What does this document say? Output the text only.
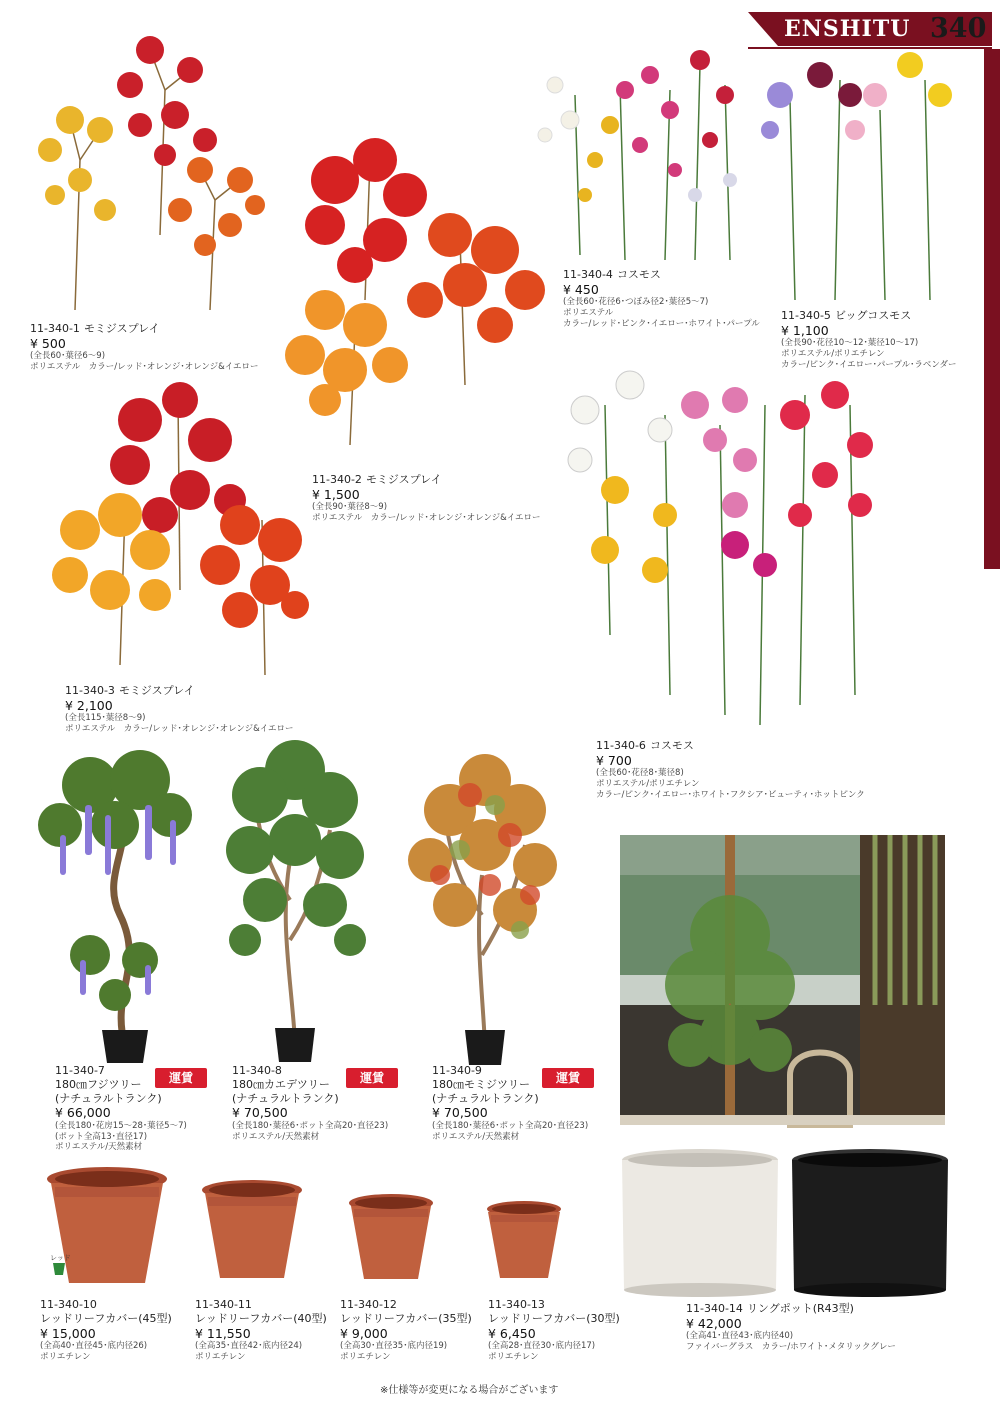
ENSHITU 340
レッド
11-340-1 モミジスプレイ
¥ 500
(全長60･葉径6～9)
ポリエステル　カラー/レッド･オレンジ･オレンジ&イエロー
11-340-2 モミジスプレイ
¥ 1,500
(全長90･葉径8～9)
ポリエステル　カラー/レッド･オレンジ･オレンジ&イエロー
11-340-3 モミジスプレイ
¥ 2,100
(全長115･葉径8～9)
ポリエステル　カラー/レッド･オレンジ･オレンジ&イエロー
11-340-4 コスモス
¥ 450
(全長60･花径6･つぼみ径2･葉径5～7)
ポリエステル
カラー/レッド･ピンク･イエロー･ホワイト･パープル
11-340-5 ビッグコスモス
¥ 1,100
(全長90･花径10～12･葉径10～17)
ポリエステル/ポリエチレン
カラー/ピンク･イエロー･パープル･ラベンダー
11-340-6 コスモス
¥ 700
(全長60･花径8･葉径8)
ポリエステル/ポリエチレン
カラー/ピンク･イエロー･ホワイト･フクシア･ビューティ･ホットピンク
11-340-7
180㎝フジツリー
(ナチュラルトランク)
¥ 66,000
(全長180･花房15～28･葉径5～7)
(ポット全高13･直径17)
ポリエステル/天然素材
運賃
11-340-8
180㎝カエデツリー
(ナチュラルトランク)
¥ 70,500
(全長180･葉径6･ポット全高20･直径23)
ポリエステル/天然素材
運賃
11-340-9
180㎝モミジツリー
(ナチュラルトランク)
¥ 70,500
(全長180･葉径6･ポット全高20･直径23)
ポリエステル/天然素材
運賃
11-340-10
レッドリーフカバー(45型)
¥ 15,000
(全高40･直径45･底内径26)
ポリエチレン
11-340-11
レッドリーフカバー(40型)
¥ 11,550
(全高35･直径42･底内径24)
ポリエチレン
11-340-12
レッドリーフカバー(35型)
¥ 9,000
(全高30･直径35･底内径19)
ポリエチレン
11-340-13
レッドリーフカバー(30型)
¥ 6,450
(全高28･直径30･底内径17)
ポリエチレン
11-340-14 リングポット(R43型)
¥ 42,000
(全高41･直径43･底内径40)
ファイバーグラス　カラー/ホワイト･メタリックグレー
※仕様等が変更になる場合がございます
